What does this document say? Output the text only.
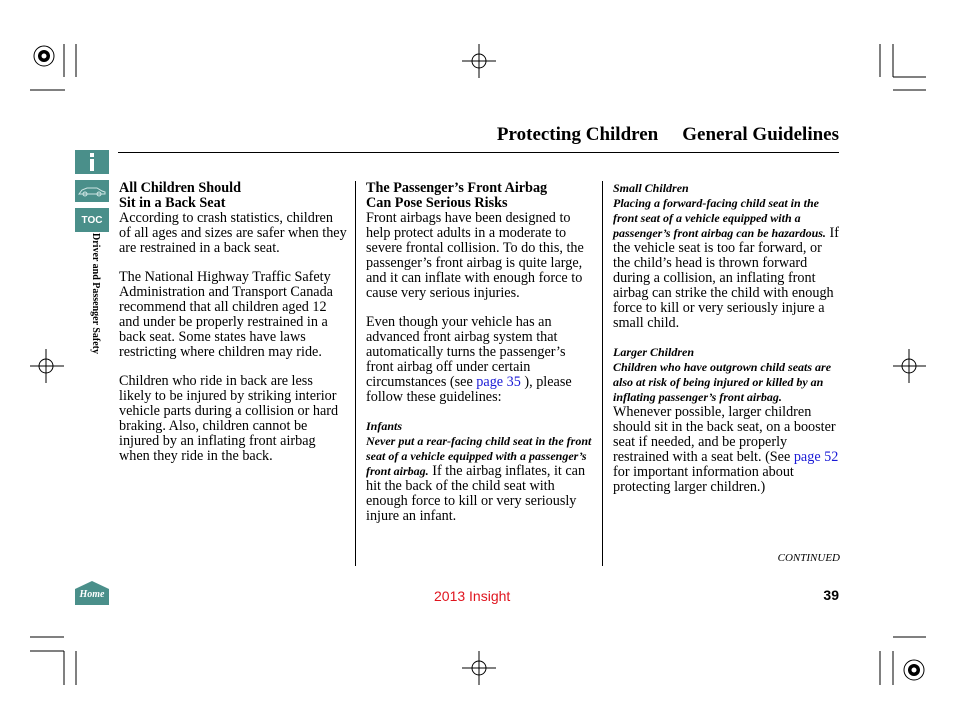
Protecting Children General Guidelines
TOC
Driver and Passenger Safety
All Children Should
Sit in a Back Seat

According to crash statistics, children of all ages and sizes are safer when they are restrained in a back seat.

The National Highway Traffic Safety Administration and Transport Canada recommend that all children aged 12 and under be properly restrained in a back seat. Some states have laws restricting where children may ride.

Children who ride in back are less likely to be injured by striking interior vehicle parts during a collision or hard braking. Also, children cannot be injured by an inflating front airbag when they ride in the back.

The Passenger’s Front Airbag
Can Pose Serious Risks

Front airbags have been designed to help protect adults in a moderate to severe frontal collision. To do this, the passenger’s front airbag is quite large, and it can inflate with enough force to cause very serious injuries.

Even though your vehicle has an advanced front airbag system that automatically turns the passenger’s front airbag off under certain circumstances (see page 35 ), please follow these guidelines:

Infants

Never put a rear-facing child seat in the front seat of a vehicle equipped with a passenger’s front airbag. If the airbag inflates, it can hit the back of the child seat with enough force to kill or very seriously injure an infant.

Small Children

Placing a forward-facing child seat in the front seat of a vehicle equipped with a passenger’s front airbag can be hazardous. If the vehicle seat is too far forward, or the child’s head is thrown forward during a collision, an inflating front airbag can strike the child with enough force to kill or very seriously injure a small child.

Larger Children

Children who have outgrown child seats are also at risk of being injured or killed by an inflating passenger’s front airbag. Whenever possible, larger children should sit in the back seat, on a booster seat if needed, and be properly restrained with a seat belt. (See page 52 for important information about protecting larger children.)

CONTINUED
Home	2013 Insight	39
